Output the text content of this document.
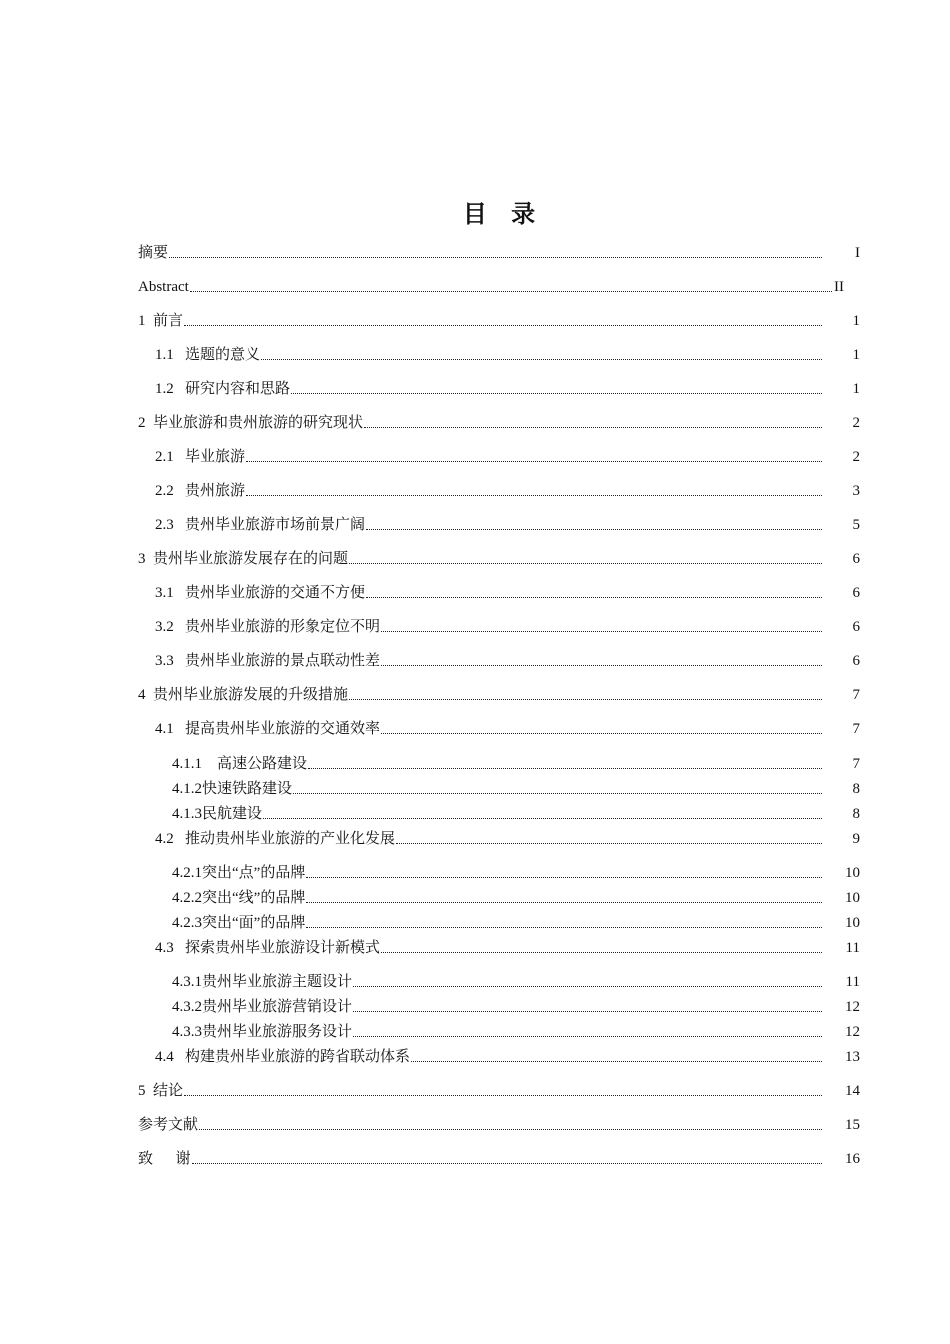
目 录
摘要	I
Abstract	II
1  前言	1
1.1   选题的意义	1
1.2   研究内容和思路	1
2  毕业旅游和贵州旅游的研究现状	2
2.1   毕业旅游	2
2.2   贵州旅游	3
2.3   贵州毕业旅游市场前景广阔	5
3  贵州毕业旅游发展存在的问题	6
3.1   贵州毕业旅游的交通不方便	6
3.2   贵州毕业旅游的形象定位不明	6
3.3   贵州毕业旅游的景点联动性差	6
4  贵州毕业旅游发展的升级措施	7
4.1   提高贵州毕业旅游的交通效率	7
4.1.1    高速公路建设	7
4.1.2快速铁路建设	8
4.1.3民航建设	8
4.2   推动贵州毕业旅游的产业化发展	9
4.2.1突出“点”的品牌	10
4.2.2突出“线”的品牌	10
4.2.3突出“面”的品牌	10
4.3   探索贵州毕业旅游设计新模式	11
4.3.1贵州毕业旅游主题设计	11
4.3.2贵州毕业旅游营销设计	12
4.3.3贵州毕业旅游服务设计	12
4.4   构建贵州毕业旅游的跨省联动体系	13
5  结论	14
参考文献	15
致      谢	16
